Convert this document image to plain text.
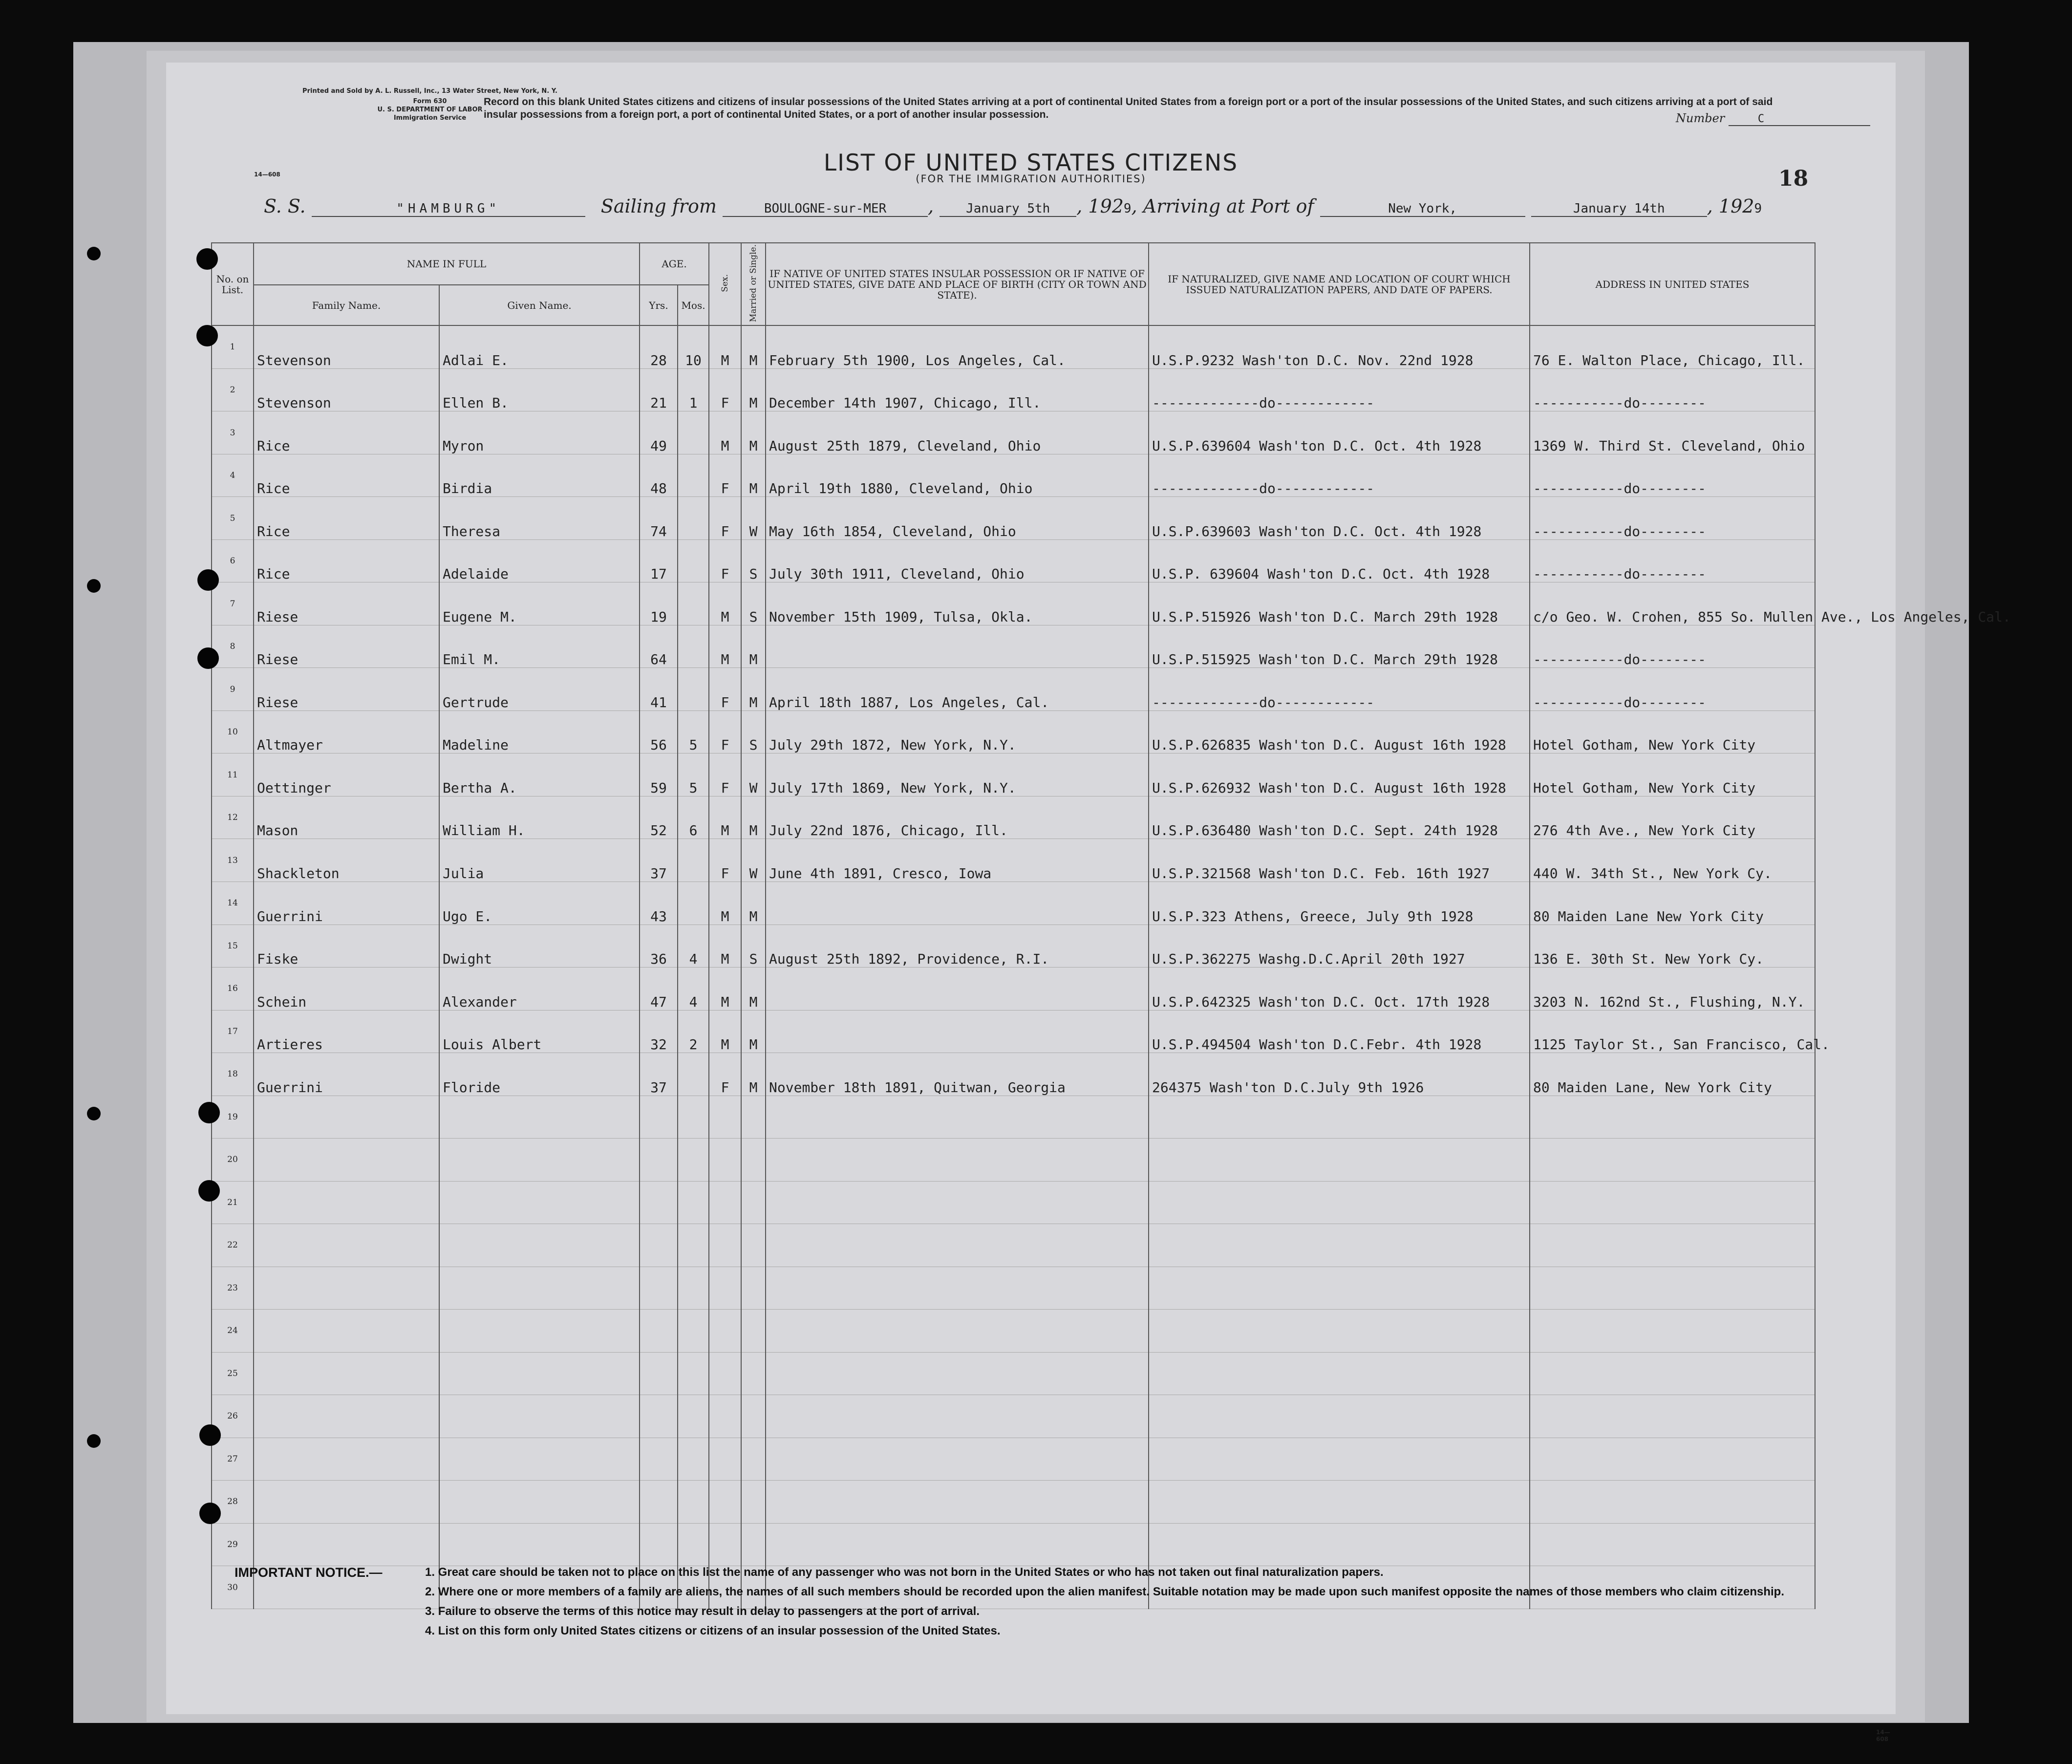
Printed and Sold by A. L. Russell, Inc., 13 Water Street, New York, N. Y.
Form 630
U. S. DEPARTMENT OF LABOR
Immigration Service
Record on this blank United States citizens and citizens of insular possessions of the United States arriving at a port of continental United States from a foreign port or a port of the insular possessions of the United States, and such citizens arriving at a port of said insular possessions from a foreign port, a port of continental United States, or a port of another insular possession.	Number	C
14—608	LIST OF UNITED STATES CITIZENS
(FOR THE IMMIGRATION AUTHORITIES)	18
S. S.	"HAMBURG"	Sailing from	BOULOGNE-sur-MER , January 5th , 1929, Arriving at Port of	New York,	January 14th , 1929
No. on List.	NAME IN FULL		AGE.		Sex.	Married or Single.	IF NATIVE OF UNITED STATES INSULAR POSSESSION OR IF NATIVE OF UNITED STATES, GIVE DATE AND PLACE OF BIRTH (CITY OR TOWN AND STATE).	IF NATURALIZED, GIVE NAME AND LOCATION OF COURT WHICH ISSUED NATURALIZATION PAPERS, AND DATE OF PAPERS.	ADDRESS IN UNITED STATES
	Family Name.	Given Name.	Yrs.	Mos.					
1	Stevenson	Adlai E.	28	10	M	M	February 5th 1900, Los Angeles, Cal.	U.S.P.9232 Wash'ton D.C. Nov. 22nd 1928	76 E. Walton Place, Chicago, Ill.
2	Stevenson	Ellen B.	21	1	F	M	December 14th 1907, Chicago, Ill.	-------------do------------	-----------do--------
3	Rice	Myron	49		M	M	August 25th 1879, Cleveland, Ohio	U.S.P.639604 Wash'ton D.C. Oct. 4th 1928	1369 W. Third St. Cleveland, Ohio
4	Rice	Birdia	48		F	M	April 19th 1880, Cleveland, Ohio	-------------do------------	-----------do--------
5	Rice	Theresa	74		F	W	May 16th 1854, Cleveland, Ohio	U.S.P.639603 Wash'ton D.C. Oct. 4th 1928	-----------do--------
6	Rice	Adelaide	17		F	S	July 30th 1911, Cleveland, Ohio	U.S.P. 639604 Wash'ton D.C. Oct. 4th 1928	-----------do--------
7	Riese	Eugene M.	19		M	S	November 15th 1909, Tulsa, Okla.	U.S.P.515926 Wash'ton D.C. March 29th 1928	c/o Geo. W. Crohen, 855 So. Mullen Ave., Los Angeles, Cal.
8	Riese	Emil M.	64		M	M		U.S.P.515925 Wash'ton D.C. March 29th 1928	-----------do--------
9	Riese	Gertrude	41		F	M	April 18th 1887, Los Angeles, Cal.	-------------do------------	-----------do--------
10	Altmayer	Madeline	56	5	F	S	July 29th 1872, New York, N.Y.	U.S.P.626835 Wash'ton D.C. August 16th 1928	Hotel Gotham, New York City
11	Oettinger	Bertha A.	59	5	F	W	July 17th 1869, New York, N.Y.	U.S.P.626932 Wash'ton D.C. August 16th 1928	Hotel Gotham, New York City
12	Mason	William H.	52	6	M	M	July 22nd 1876, Chicago, Ill.	U.S.P.636480 Wash'ton D.C. Sept. 24th 1928	276 4th Ave., New York City
13	Shackleton	Julia	37		F	W	June 4th 1891, Cresco, Iowa	U.S.P.321568 Wash'ton D.C. Feb. 16th 1927	440 W. 34th St., New York Cy.
14	Guerrini	Ugo E.	43		M	M		U.S.P.323 Athens, Greece, July 9th 1928	80 Maiden Lane New York City
15	Fiske	Dwight	36	4	M	S	August 25th 1892, Providence, R.I.	U.S.P.362275 Washg.D.C.April 20th 1927	136 E. 30th St. New York Cy.
16	Schein	Alexander	47	4	M	M		U.S.P.642325 Wash'ton D.C. Oct. 17th 1928	3203 N. 162nd St., Flushing, N.Y.
17	Artieres	Louis Albert	32	2	M	M		U.S.P.494504 Wash'ton D.C.Febr. 4th 1928	1125 Taylor St., San Francisco, Cal.
18	Guerrini	Floride	37		F	M	November 18th 1891, Quitwan, Georgia	264375 Wash'ton D.C.July 9th 1926	80 Maiden Lane, New York City
19									
20									
21									
22									
23									
24									
25									
26									
27									
28									
29									
30									
IMPORTANT NOTICE.—	1. Great care should be taken not to place on this list the name of any passenger who was not born in the United States or who has not taken out final naturalization papers.
2. Where one or more members of a family are aliens, the names of all such members should be recorded upon the alien manifest. Suitable notation may be made upon such manifest opposite the names of those members who claim citizenship.
3. Failure to observe the terms of this notice may result in delay to passengers at the port of arrival.
4. List on this form only United States citizens or citizens of an insular possession of the United States.
14—608
